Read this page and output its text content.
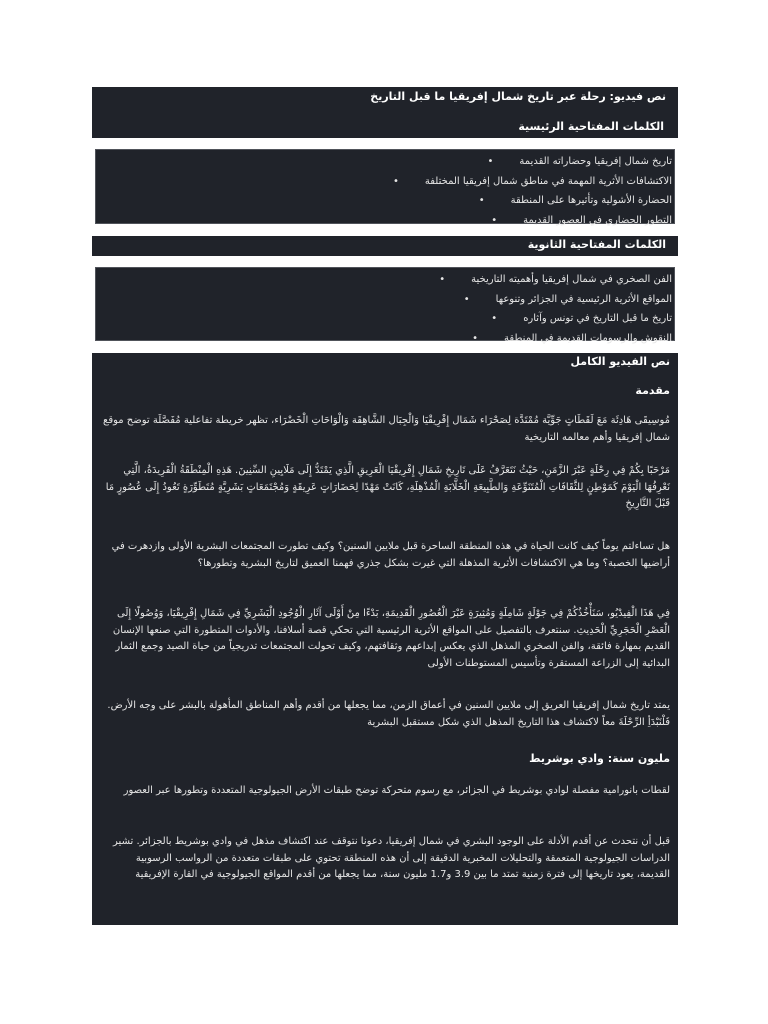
نص فيديو: رحلة عبر تاريخ شمال إفريقيا ما قبل التاريخ
الكلمات المفتاحية الرئيسية
تاريخ شمال إفريقيا وحضاراته القديمة•
الاكتشافات الأثرية المهمة في مناطق شمال إفريقيا المختلفة•
الحضارة الأشولية وتأثيرها على المنطقة•
التطور الحضاري في العصور القديمة•
الكلمات المفتاحية الثانوية
الفن الصخري في شمال إفريقيا وأهميته التاريخية•
المواقع الأثرية الرئيسية في الجزائر وتنوعها•
تاريخ ما قبل التاريخ في تونس وآثاره•
النقوش والرسومات القديمة في المنطقة•
نص الفيديو الكامل
مقدمة

مُوسِيقَى هَادِئَة مَعَ لَقَطَاتٍ جَوِّيَّة مُمْتَدَّة لِصَحْرَاء شَمَال إِفْرِيقْيَا وَالْجِبَال الشَّاهِقَة وَالْوَاحَاتِ الْخَضْرَاء، تظهر خريطة تفاعلية مُفَصَّلَة توضح موقع شمال إفريقيا وأهم معالمه التاريخية

مَرْحَبًا بِكُمْ فِي رِحْلَةٍ عَبْرَ الزَّمَنِ، حَيْثُ نَتَعَرَّفُ عَلَى تَارِيخِ شَمَالِ إِفْرِيقْيَا الْعَرِيقِ الَّذِي يَمْتَدُّ إِلَى مَلَايِينِ السِّنِينَ. هَذِهِ الْمِنْطَقَةُ الْفَرِيدَةُ، الَّتِي نَعْرِفُهَا الْيَوْمَ كَمَوْطِنٍ لِلثَّقَافَاتِ الْمُتَنَوِّعَةِ وَالطَّبِيعَةِ الْخَلَّابَةِ الْمُذْهِلَةِ، كَانَتْ مَهْدًا لِحَضَارَاتٍ عَرِيقَةٍ وَمُجْتَمَعَاتٍ بَشَرِيَّةٍ مُتَطَوِّرَةٍ تَعُودُ إِلَى عُصُورٍ مَا قَبْلَ التَّارِيخِ

هل تساءلتم يوماً كيف كانت الحياة في هذه المنطقة الساحرة قبل ملايين السنين؟ وكيف تطورت المجتمعات البشرية الأولى وازدهرت في أراضيها الخصبة؟ وما هي الاكتشافات الأثرية المذهلة التي غيرت بشكل جذري فهمنا العميق لتاريخ البشرية وتطورها؟

فِي هَذَا الْفِيدْيُو، سَنَأْخُذُكُمْ فِي جَوْلَةٍ شَامِلَةٍ وَمُثِيرَةٍ عَبْرَ الْعُصُورِ الْقَدِيمَةِ، بَدْءًا مِنْ أَوْلَى آثَارِ الْوُجُودِ الْبَشَرِيِّ فِي شَمَالِ إِفْرِيقْيَا، وَوُصُولًا إِلَى الْعَصْرِ الْحَجَرِيِّ الْحَدِيثِ. سنتعرف بالتفصيل على المواقع الأثرية الرئيسية التي تحكي قصة أسلافنا، والأدوات المتطورة التي صنعها الإنسان القديم بمهارة فائقة، والفن الصخري المذهل الذي يعكس إبداعهم وثقافتهم، وكيف تحولت المجتمعات تدريجياً من حياة الصيد وجمع الثمار البدائية إلى الزراعة المستقرة وتأسيس المستوطنات الأولى

يمتد تاريخ شمال إفريقيا العريق إلى ملايين السنين في أعماق الزمن، مما يجعلها من أقدم وأهم المناطق المأهولة بالبشر على وجه الأرض. فَلْنَبْدَأِ الرِّحْلَةَ معاً لاكتشاف هذا التاريخ المذهل الذي شكل مستقبل البشرية

مليون سنة: وادي بوشريط

لقطات بانورامية مفصلة لوادي بوشريط في الجزائر، مع رسوم متحركة توضح طبقات الأرض الجيولوجية المتعددة وتطورها عبر العصور

قبل أن نتحدث عن أقدم الأدلة على الوجود البشري في شمال إفريقيا، دعونا نتوقف عند اكتشاف مذهل في وادي بوشريط بالجزائر. تشير الدراسات الجيولوجية المتعمقة والتحليلات المخبرية الدقيقة إلى أن هذه المنطقة تحتوي على طبقات متعددة من الرواسب الرسوبية القديمة، يعود تاريخها إلى فترة زمنية تمتد ما بين 3.9 و1.7 مليون سنة، مما يجعلها من أقدم المواقع الجيولوجية في القارة الإفريقية
